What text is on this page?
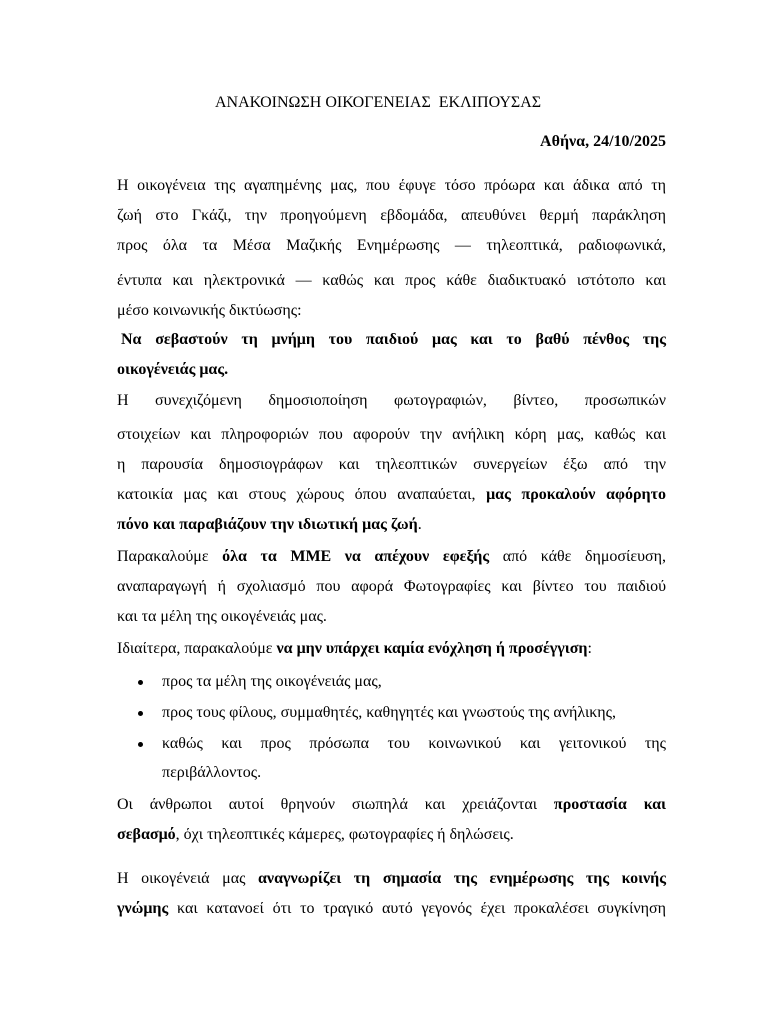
ΑΝΑΚΟΙΝΩΣΗ ΟΙΚΟΓΕΝΕΙΑΣ  ΕΚΛΙΠΟΥΣΑΣ
Αθήνα, 24/10/2025
Η οικογένεια της αγαπημένης μας, που έφυγε τόσο πρόωρα και άδικα από τη
ζωή στο Γκάζι, την προηγούμενη εβδομάδα, απευθύνει θερμή παράκληση
προς όλα τα Μέσα Μαζικής Ενημέρωσης — τηλεοπτικά, ραδιοφωνικά,
έντυπα και ηλεκτρονικά — καθώς και προς κάθε διαδικτυακό ιστότοπο και
μέσο κοινωνικής δικτύωσης:
Να σεβαστούν τη μνήμη του παιδιού μας και το βαθύ πένθος της
οικογένειάς μας.
Η συνεχιζόμενη δημοσιοποίηση φωτογραφιών, βίντεο, προσωπικών
στοιχείων και πληροφοριών που αφορούν την ανήλικη κόρη μας, καθώς και
η παρουσία δημοσιογράφων και τηλεοπτικών συνεργείων έξω από την
κατοικία μας και στους χώρους όπου αναπαύεται, μας προκαλούν αφόρητο
πόνο και παραβιάζουν την ιδιωτική μας ζωή.
Παρακαλούμε όλα τα ΜΜΕ να απέχουν εφεξής από κάθε δημοσίευση,
αναπαραγωγή ή σχολιασμό που αφορά Φωτογραφίες και βίντεο του παιδιού
και τα μέλη της οικογένειάς μας.
Ιδιαίτερα, παρακαλούμε να μην υπάρχει καμία ενόχληση ή προσέγγιση:
προς τα μέλη της οικογένειάς μας,
προς τους φίλους, συμμαθητές, καθηγητές και γνωστούς της ανήλικης,
καθώς και προς πρόσωπα του κοινωνικού και γειτονικού της
περιβάλλοντος.
Οι άνθρωποι αυτοί θρηνούν σιωπηλά και χρειάζονται προστασία και
σεβασμό, όχι τηλεοπτικές κάμερες, φωτογραφίες ή δηλώσεις.
Η οικογένειά μας αναγνωρίζει τη σημασία της ενημέρωσης της κοινής
γνώμης και κατανοεί ότι το τραγικό αυτό γεγονός έχει προκαλέσει συγκίνηση
